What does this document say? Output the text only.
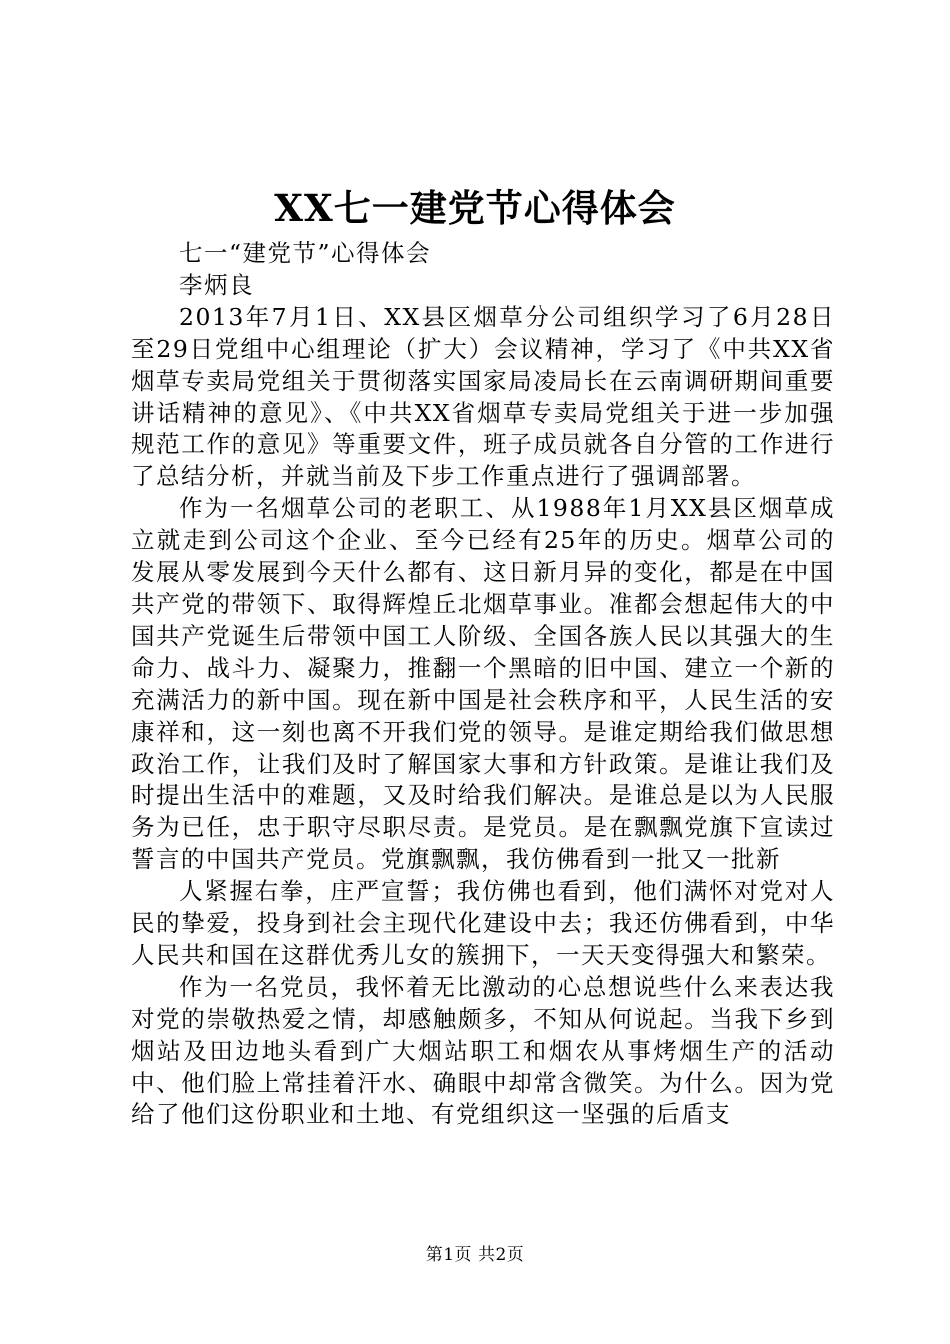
XX七一建党节心得体会

七一“建党节”心得体会

李炳良

2013年7月1日、XX县区烟草分公司组织学习了6月28日至29日党组中心组理论（扩大）会议精神，学习了《中共XX省烟草专卖局党组关于贯彻落实国家局凌局长在云南调研期间重要讲话精神的意见》、《中共XX省烟草专卖局党组关于进一步加强规范工作的意见》等重要文件，班子成员就各自分管的工作进行了总结分析，并就当前及下步工作重点进行了强调部署。

作为一名烟草公司的老职工、从1988年1月XX县区烟草成立就走到公司这个企业、至今已经有25年的历史。烟草公司的发展从零发展到今天什么都有、这日新月异的变化，都是在中国共产党的带领下、取得辉煌丘北烟草事业。准都会想起伟大的中国共产党诞生后带领中国工人阶级、全国各族人民以其强大的生命力、战斗力、凝聚力，推翻一个黑暗的旧中国、建立一个新的充满活力的新中国。现在新中国是社会秩序和平，人民生活的安康祥和，这一刻也离不开我们党的领导。是谁定期给我们做思想政治工作，让我们及时了解国家大事和方针政策。是谁让我们及时提出生活中的难题，又及时给我们解决。是谁总是以为人民服务为已任，忠于职守尽职尽责。是党员。是在飘飘党旗下宣读过誓言的中国共产党员。党旗飘飘，我仿佛看到一批又一批新

人紧握右拳，庄严宣誓；我仿佛也看到，他们满怀对党对人民的挚爱，投身到社会主现代化建设中去；我还仿佛看到，中华人民共和国在这群优秀儿女的簇拥下，一天天变得强大和繁荣。

作为一名党员，我怀着无比激动的心总想说些什么来表达我对党的崇敬热爱之情，却感触颇多，不知从何说起。当我下乡到烟站及田边地头看到广大烟站职工和烟农从事烤烟生产的活动中、他们脸上常挂着汗水、确眼中却常含微笑。为什么。因为党给了他们这份职业和土地、有党组织这一坚强的后盾支

第1页 共2页
